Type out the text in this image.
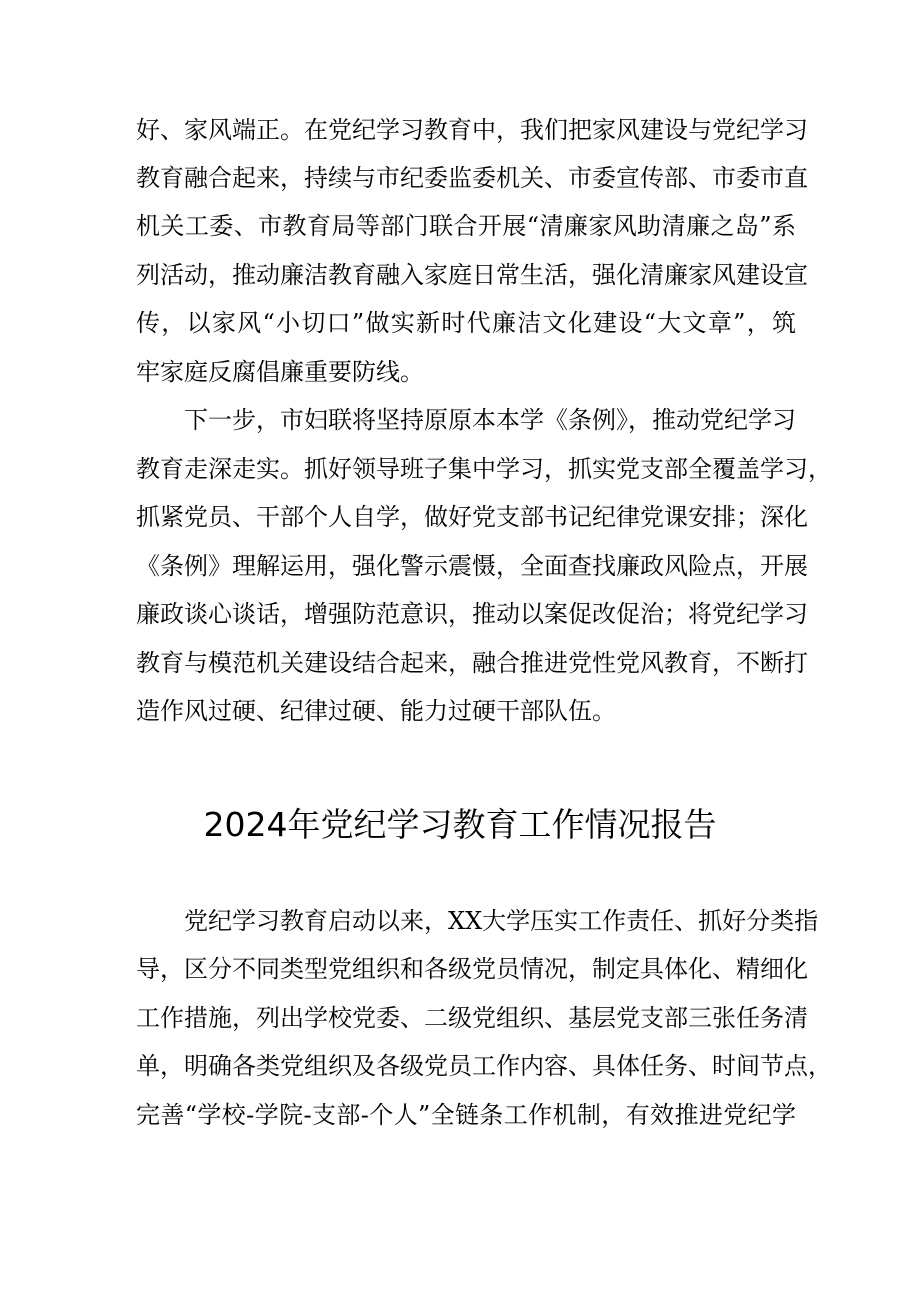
好、家风端正。在党纪学习教育中，我们把家风建设与党纪学习
教育融合起来，持续与市纪委监委机关、市委宣传部、市委市直
机关工委、市教育局等部门联合开展“清廉家风助清廉之岛”系
列活动，推动廉洁教育融入家庭日常生活，强化清廉家风建设宣
传，以家风“小切口”做实新时代廉洁文化建设“大文章”，筑
牢家庭反腐倡廉重要防线。
下一步，市妇联将坚持原原本本学《条例》，推动党纪学习
教育走深走实。抓好领导班子集中学习，抓实党支部全覆盖学习，
抓紧党员、干部个人自学，做好党支部书记纪律党课安排；深化
《条例》理解运用，强化警示震慑，全面查找廉政风险点，开展
廉政谈心谈话，增强防范意识，推动以案促改促治；将党纪学习
教育与模范机关建设结合起来，融合推进党性党风教育，不断打
造作风过硬、纪律过硬、能力过硬干部队伍。
2024年党纪学习教育工作情况报告
党纪学习教育启动以来，XX大学压实工作责任、抓好分类指
导，区分不同类型党组织和各级党员情况，制定具体化、精细化
工作措施，列出学校党委、二级党组织、基层党支部三张任务清
单，明确各类党组织及各级党员工作内容、具体任务、时间节点，
完善“学校-学院-支部-个人”全链条工作机制，有效推进党纪学
